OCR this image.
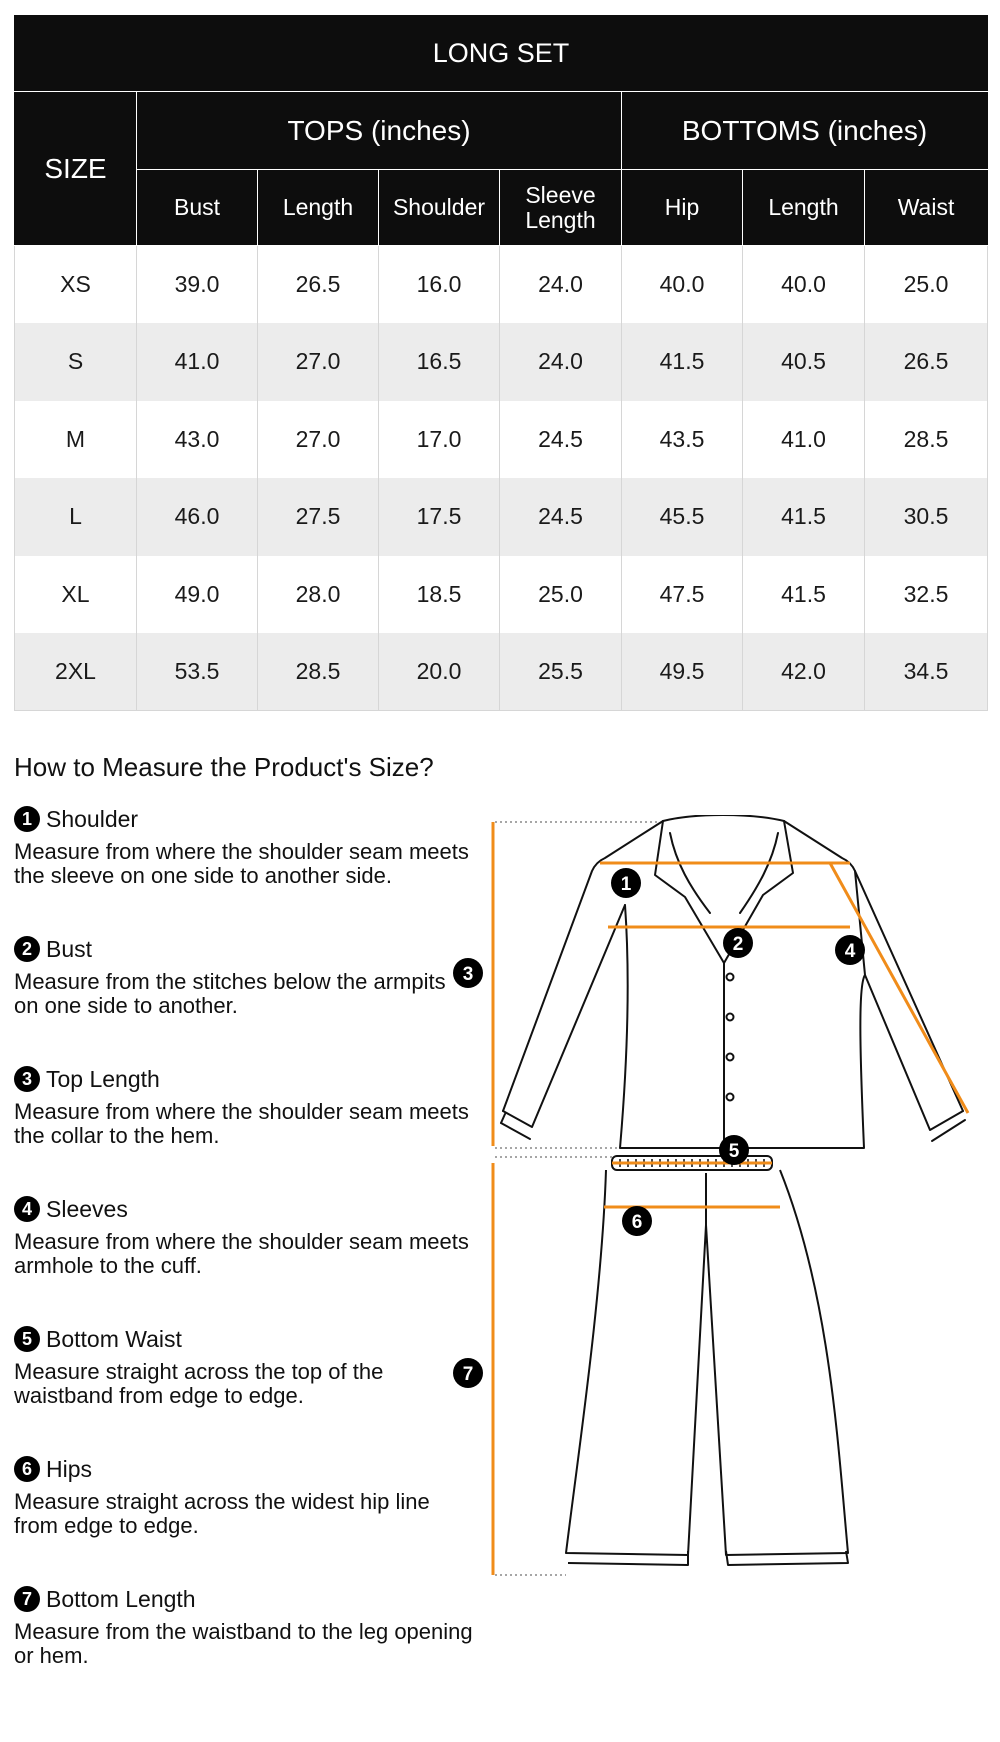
LONG SET							
SIZE	TOPS (inches)				BOTTOMS (inches)		
	Bust	Length	Shoulder	Sleeve Length	Hip	Length	Waist
XS	39.0	26.5	16.0	24.0	40.0	40.0	25.0
S	41.0	27.0	16.5	24.0	41.5	40.5	26.5
M	43.0	27.0	17.0	24.5	43.5	41.0	28.5
L	46.0	27.5	17.5	24.5	45.5	41.5	30.5
XL	49.0	28.0	18.5	25.0	47.5	41.5	32.5
2XL	53.5	28.5	20.0	25.5	49.5	42.0	34.5
How to Measure the Product's Size?
1 Shoulder
Measure from where the shoulder seam meets the sleeve on one side to another side.
2 Bust
Measure from the stitches below the armpits on one side to another.
3 Top Length
Measure from where the shoulder seam meets the collar to the hem.
4 Sleeves
Measure from where the shoulder seam meets armhole to the cuff.
5 Bottom Waist
Measure straight across the top of the waistband from edge to edge.
6 Hips
Measure straight across the widest hip line from edge to edge.
7 Bottom Length
Measure from the waistband to the leg opening or hem.
1
2	4
5
6
3
7
